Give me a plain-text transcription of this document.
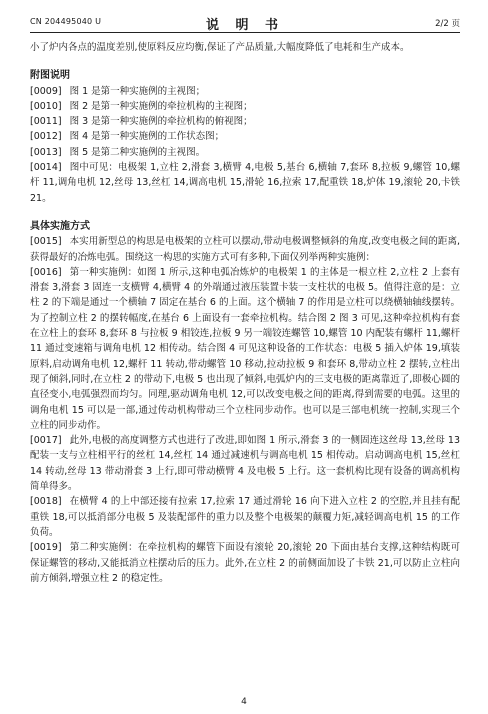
CN 204495040 U	说 明 书	2/2 页

小了炉内各点的温度差别,使原料反应均衡,保证了产品质量,大幅度降低了电耗和生产成本。

附图说明

[0009] 图 1 是第一种实施例的主视图；

[0010] 图 2 是第一种实施例的牵拉机构的主视图；

[0011] 图 3 是第一种实施例的牵拉机构的俯视图；

[0012] 图 4 是第一种实施例的工作状态图；

[0013] 图 5 是第二种实施例的主视图。

[0014] 图中可见：电极架 1,立柱 2,滑套 3,横臂 4,电极 5,基台 6,横轴 7,套环 8,拉板 9,螺管 10,螺杆 11,调角电机 12,丝母 13,丝杠 14,调高电机 15,滑轮 16,拉索 17,配重铁 18,炉体 19,滚轮 20,卡铁 21。

具体实施方式

[0015] 本实用新型总的构思是电极架的立柱可以摆动,带动电极调整倾斜的角度,改变电极之间的距离,获得最好的冶炼电弧。围绕这一构思的实施方式可有多种,下面仅列举两种实施例：

[0016] 第一种实施例：如图 1 所示,这种电弧冶炼炉的电极架 1 的主体是一根立柱 2,立柱 2 上套有滑套 3,滑套 3 固连一支横臂 4,横臂 4 的外端通过液压装置卡装一支柱状的电极 5。值得注意的是：立柱 2 的下端是通过一个横轴 7 固定在基台 6 的上面。这个横轴 7 的作用是立柱可以绕横轴轴线摆转。为了控制立柱 2 的摆转幅度,在基台 6 上面设有一套牵拉机构。结合图 2 图 3 可见,这种牵拉机构有套在立柱上的套环 8,套环 8 与拉板 9 相铰连,拉板 9 另一端铰连螺管 10,螺管 10 内配装有螺杆 11,螺杆 11 通过变速箱与调角电机 12 相传动。结合图 4 可见这种设备的工作状态：电极 5 插入炉体 19,填装原料,启动调角电机 12,螺杆 11 转动,带动螺管 10 移动,拉动拉板 9 和套环 8,带动立柱 2 摆转,立柱出现了倾斜,同时,在立柱 2 的带动下,电极 5 也出现了倾斜,电弧炉内的三支电极的距离靠近了,即极心圆的直径变小,电弧强烈而均匀。同理,驱动调角电机 12,可以改变电极之间的距离,得到需要的电弧。这里的调角电机 15 可以是一部,通过传动机构带动三个立柱同步动作。也可以是三部电机统一控制,实现三个立柱的同步动作。

[0017] 此外,电极的高度调整方式也进行了改进,即如图 1 所示,滑套 3 的一侧固连这丝母 13,丝母 13 配装一支与立柱相平行的丝杠 14,丝杠 14 通过减速机与调高电机 15 相传动。启动调高电机 15,丝杠 14 转动,丝母 13 带动滑套 3 上行,即可带动横臂 4 及电极 5 上行。这一套机构比现有设备的调高机构简单得多。

[0018] 在横臂 4 的上中部还接有拉索 17,拉索 17 通过滑轮 16 向下进入立柱 2 的空腔,并且挂有配重铁 18,可以抵消部分电极 5 及装配部件的重力以及整个电极架的颠覆力矩,减轻调高电机 15 的工作负荷。

[0019] 第二种实施例：在牵拉机构的螺管下面设有滚轮 20,滚轮 20 下面由基台支撑,这种结构既可保证螺管的移动,又能抵消立柱摆动后的压力。此外,在立柱 2 的前侧面加设了卡铁 21,可以防止立柱向前方倾斜,增强立柱 2 的稳定性。

4
